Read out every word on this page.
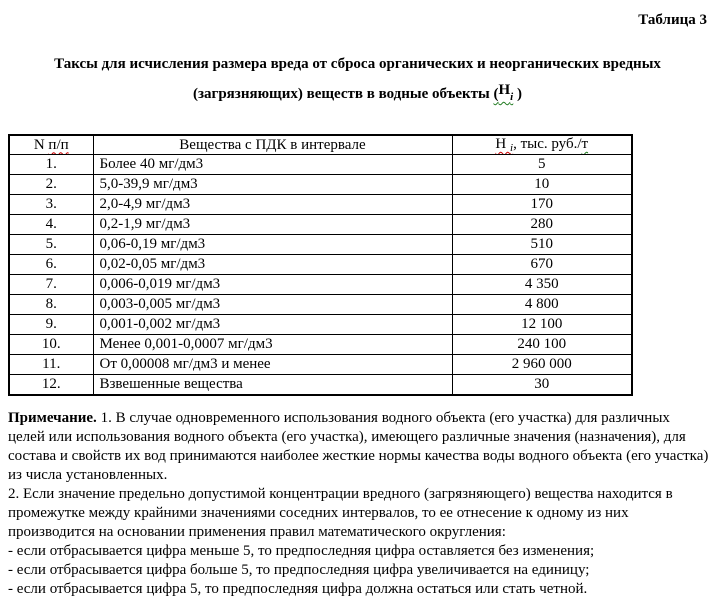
Таблица 3
Таксы для исчисления размера вреда от сброса органических и неорганических вредных
(загрязняющих) веществ в водные объекты (Нi )
N п/п	Вещества с ПДК в интервале	Н $_i$, тыс. руб./т
1.	Более 40 мг/дм3	5
2.	5,0-39,9 мг/дм3	10
3.	2,0-4,9 мг/дм3	170
4.	0,2-1,9 мг/дм3	280
5.	0,06-0,19 мг/дм3	510
6.	0,02-0,05 мг/дм3	670
7.	0,006-0,019 мг/дм3	4 350
8.	0,003-0,005 мг/дм3	4 800
9.	0,001-0,002 мг/дм3	12 100
10.	Менее 0,001-0,0007 мг/дм3	240 100
11.	От 0,00008 мг/дм3 и менее	2 960 000
12.	Взвешенные вещества	30

Примечание. 1. В случае одновременного использования водного объекта (его участка) для различных целей или использования водного объекта (его участка), имеющего различные значения (назначения), для состава и свойств их вод принимаются наиболее жесткие нормы качества воды водного объекта (его участка) из числа установленных.

2. Если значение предельно допустимой концентрации вредного (загрязняющего) вещества находится в промежутке между крайними значениями соседних интервалов, то ее отнесение к одному из них производится на основании применения правил математического округления:

- если отбрасывается цифра меньше 5, то предпоследняя цифра оставляется без изменения;

- если отбрасывается цифра больше 5, то предпоследняя цифра увеличивается на единицу;

- если отбрасывается цифра 5, то предпоследняя цифра должна остаться или стать четной.
